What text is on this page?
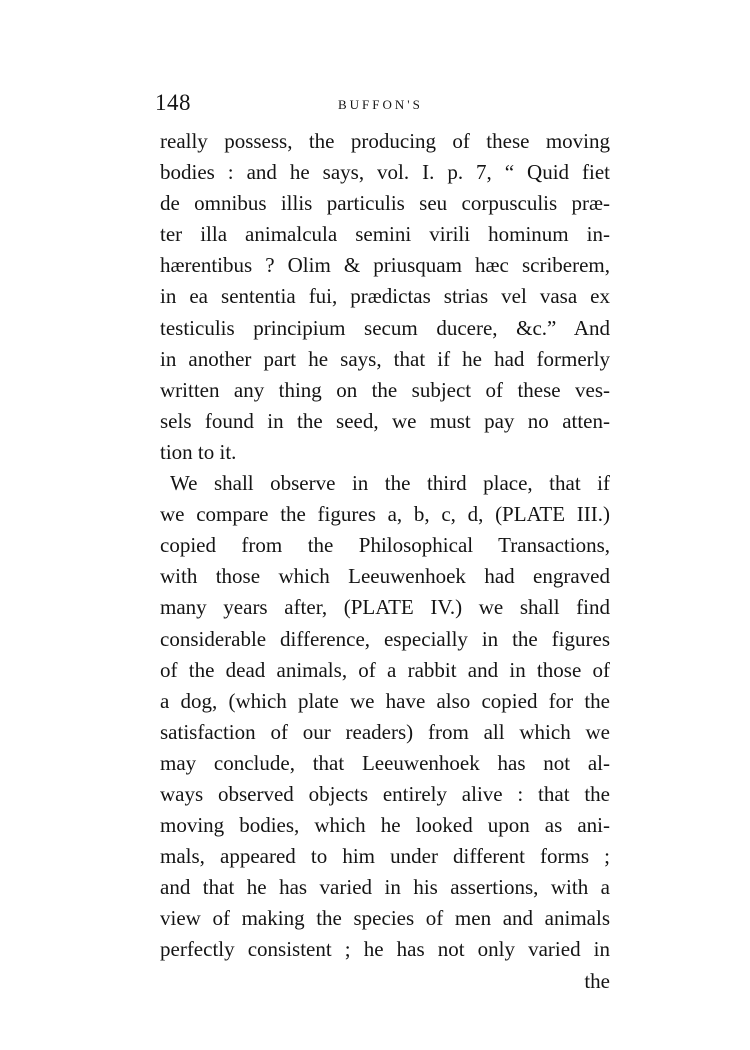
148	BUFFON'S
really possess, the producing of these moving
bodies : and he says, vol. I. p. 7, “ Quid fiet
de omnibus illis particulis seu corpusculis præ-
ter illa animalcula semini virili hominum in-
hærentibus ? Olim & priusquam hæc scriberem,
in ea sententia fui, prædictas strias vel vasa ex
testiculis principium secum ducere, &c.” And
in another part he says, that if he had formerly
written any thing on the subject of these ves-
sels found in the seed, we must pay no atten-
tion to it.
We shall observe in the third place, that if
we compare the figures a, b, c, d, (PLATE III.)
copied from the Philosophical Transactions,
with those which Leeuwenhoek had engraved
many years after, (PLATE IV.) we shall find
considerable difference, especially in the figures
of the dead animals, of a rabbit and in those of
a dog, (which plate we have also copied for the
satisfaction of our readers) from all which we
may conclude, that Leeuwenhoek has not al-
ways observed objects entirely alive : that the
moving bodies, which he looked upon as ani-
mals, appeared to him under different forms ;
and that he has varied in his assertions, with a
view of making the species of men and animals
perfectly consistent ; he has not only varied in
the
